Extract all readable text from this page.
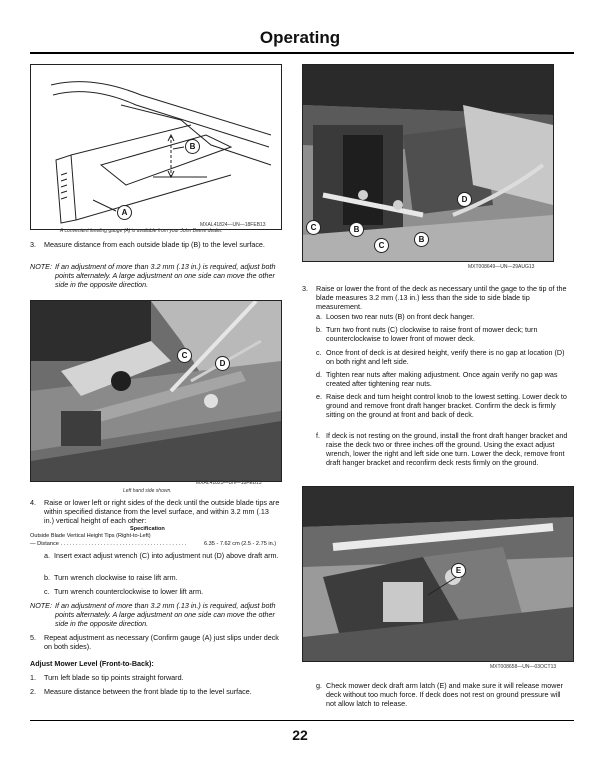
Operating
B
A
MXAL41824—UN—18FEB13
A convenient leveling gauge (A) is available from your John Deere dealer.
3.	Measure distance from each outside blade tip (B) to the level surface.
NOTE: If an adjustment of more than 3.2 mm (.13 in.) is required, adjust both points alternately. A large adjustment on one side can move the other side in the opposite direction.
C
D
MXAL41825—UN—18FEB13
Left hand side shown.
4.	Raise or lower left or right sides of the deck until the outside blade tips are within specified distance from the level surface, and within 3.2 mm (.13 in.) vertical height of each other:
Specification
Outside Blade Vertical Height Tips (Right-to-Left)
— Distance . . . . . . . . . . . . . . . . . . . . . . . . . . . . . . . . . . . . . . . . .	6.35 - 7.62 cm (2.5 - 2.75 in.)
a. Insert exact adjust wrench (C) into adjustment nut (D) above draft arm.
b. Turn wrench clockwise to raise lift arm.
c. Turn wrench counterclockwise to lower lift arm.
NOTE: If an adjustment of more than 3.2 mm (.13 in.) is required, adjust both points alternately. A large adjustment on one side can move the other side in the opposite direction.
5.	Repeat adjustment as necessary (Confirm gauge (A) just slips under deck on both sides).
Adjust Mower Level (Front-to-Back):
1.	Turn left blade so tip points straight forward.
2.	Measure distance between the front blade tip to the level surface.
C	B
C
B
D
MXT008649—UN—29AUG13
3.	Raise or lower the front of the deck as necessary until the gage to the tip of the blade measures 3.2 mm (.13 in.) less than the side to side blade tip measurement.
a. Loosen two rear nuts (B) on front deck hanger.
b. Turn two front nuts (C) clockwise to raise front of mower deck; turn counterclockwise to lower front of mower deck.
c. Once front of deck is at desired height, verify there is no gap at location (D) on both right and left side.
d. Tighten rear nuts after making adjustment. Once again verify no gap was created after tightening rear nuts.
e. Raise deck and turn height control knob to the lowest setting. Lower deck to ground and remove front draft hanger bracket. Confirm the deck is firmly sitting on the ground at front and back of deck.
f. If deck is not resting on the ground, install the front draft hanger bracket and raise the deck two or three inches off the ground. Using the exact adjust wrench, lower the right and left side one turn. Lower the deck, remove front draft hanger bracket and reconfirm deck rests firmly on the ground.
E
MXT008658—UN—03OCT13
g. Check mower deck draft arm latch (E) and make sure it will release mower deck without too much force. If deck does not rest on ground pressure will not allow latch to release.
22
